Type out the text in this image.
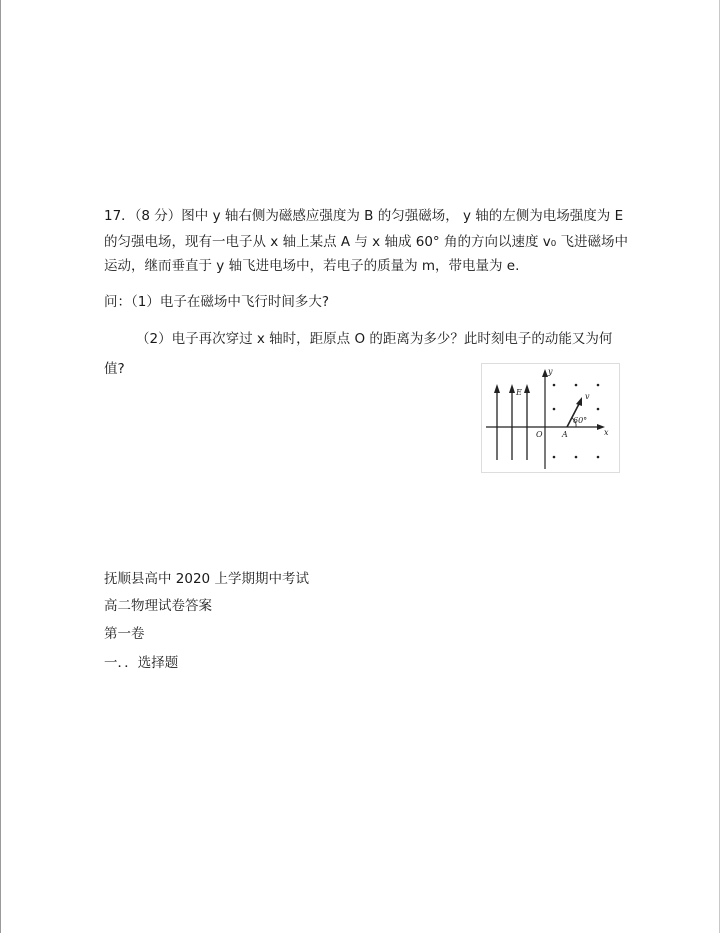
17．（8 分）图中 y 轴右侧为磁感应强度为 B 的匀强磁场， y 轴的左侧为电场强度为 E
的匀强电场，现有一电子从 x 轴上某点 A 与 x 轴成 60° 角的方向以速度 v₀ 飞进磁场中
运动，继而垂直于 y 轴飞进电场中，若电子的质量为 m，带电量为 e.
问：（1）电子在磁场中飞行时间多大?
（2）电子再次穿过 x 轴时，距原点 O 的距离为多少？此时刻电子的动能又为何
值?	y
x
E	v
O A
60°
抚顺县高中 2020 上学期期中考试
高二物理试卷答案
第一卷
一．．选择题
